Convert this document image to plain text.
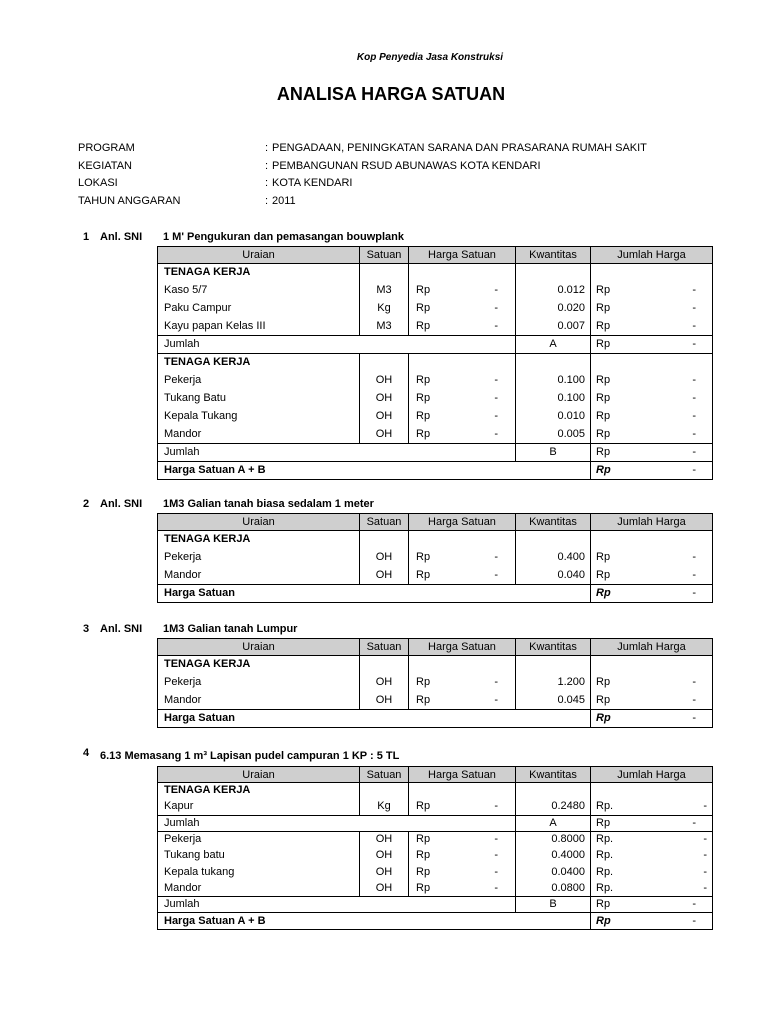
Kop Penyedia Jasa Konstruksi
ANALISA HARGA SATUAN
PROGRAM	: PENGADAAN, PENINGKATAN SARANA DAN PRASARANA RUMAH SAKIT
KEGIATAN	: PEMBANGUNAN RSUD ABUNAWAS KOTA KENDARI
LOKASI	: KOTA KENDARI
TAHUN ANGGARAN	: 2011
1 Anl. SNI 1 M' Pengukuran dan pemasangan bouwplank
Uraian	Satuan	Harga Satuan	Kwantitas	Jumlah Harga
TENAGA KERJA				
Kaso 5/7	M3	Rp -	0.012	Rp -

Paku Campur	Kg	Rp -	0.020	Rp -

Kayu papan Kelas III	M3	Rp -	0.007	Rp -

Jumlah			A	Rp -

TENAGA KERJA				
Pekerja	OH	Rp -	0.100	Rp -

Tukang Batu	OH	Rp -	0.100	Rp -

Kepala Tukang	OH	Rp -	0.010	Rp -

Mandor	OH	Rp -	0.005	Rp -

Jumlah			B	Rp -

Harga Satuan A + B				Rp -
2 Anl. SNI 1M3 Galian tanah biasa sedalam 1 meter
Uraian	Satuan	Harga Satuan	Kwantitas	Jumlah Harga
TENAGA KERJA				
Pekerja	OH	Rp -	0.400	Rp -

Mandor	OH	Rp -	0.040	Rp -

Harga Satuan				Rp -
3 Anl. SNI 1M3 Galian tanah Lumpur
Uraian	Satuan	Harga Satuan	Kwantitas	Jumlah Harga
TENAGA KERJA				
Pekerja	OH	Rp -	1.200	Rp -

Mandor	OH	Rp -	0.045	Rp -

Harga Satuan				Rp -
4 6.13 Memasang 1 m³ Lapisan pudel campuran 1 KP : 5 TL
Uraian	Satuan	Harga Satuan	Kwantitas	Jumlah Harga
TENAGA KERJA				
Kapur	Kg	Rp -	0.2480	Rp. -

Jumlah			A	Rp -

Pekerja	OH	Rp -	0.8000	Rp. -

Tukang batu	OH	Rp -	0.4000	Rp. -

Kepala tukang	OH	Rp -	0.0400	Rp. -

Mandor	OH	Rp -	0.0800	Rp. -

Jumlah			B	Rp -

Harga Satuan A + B				Rp -
